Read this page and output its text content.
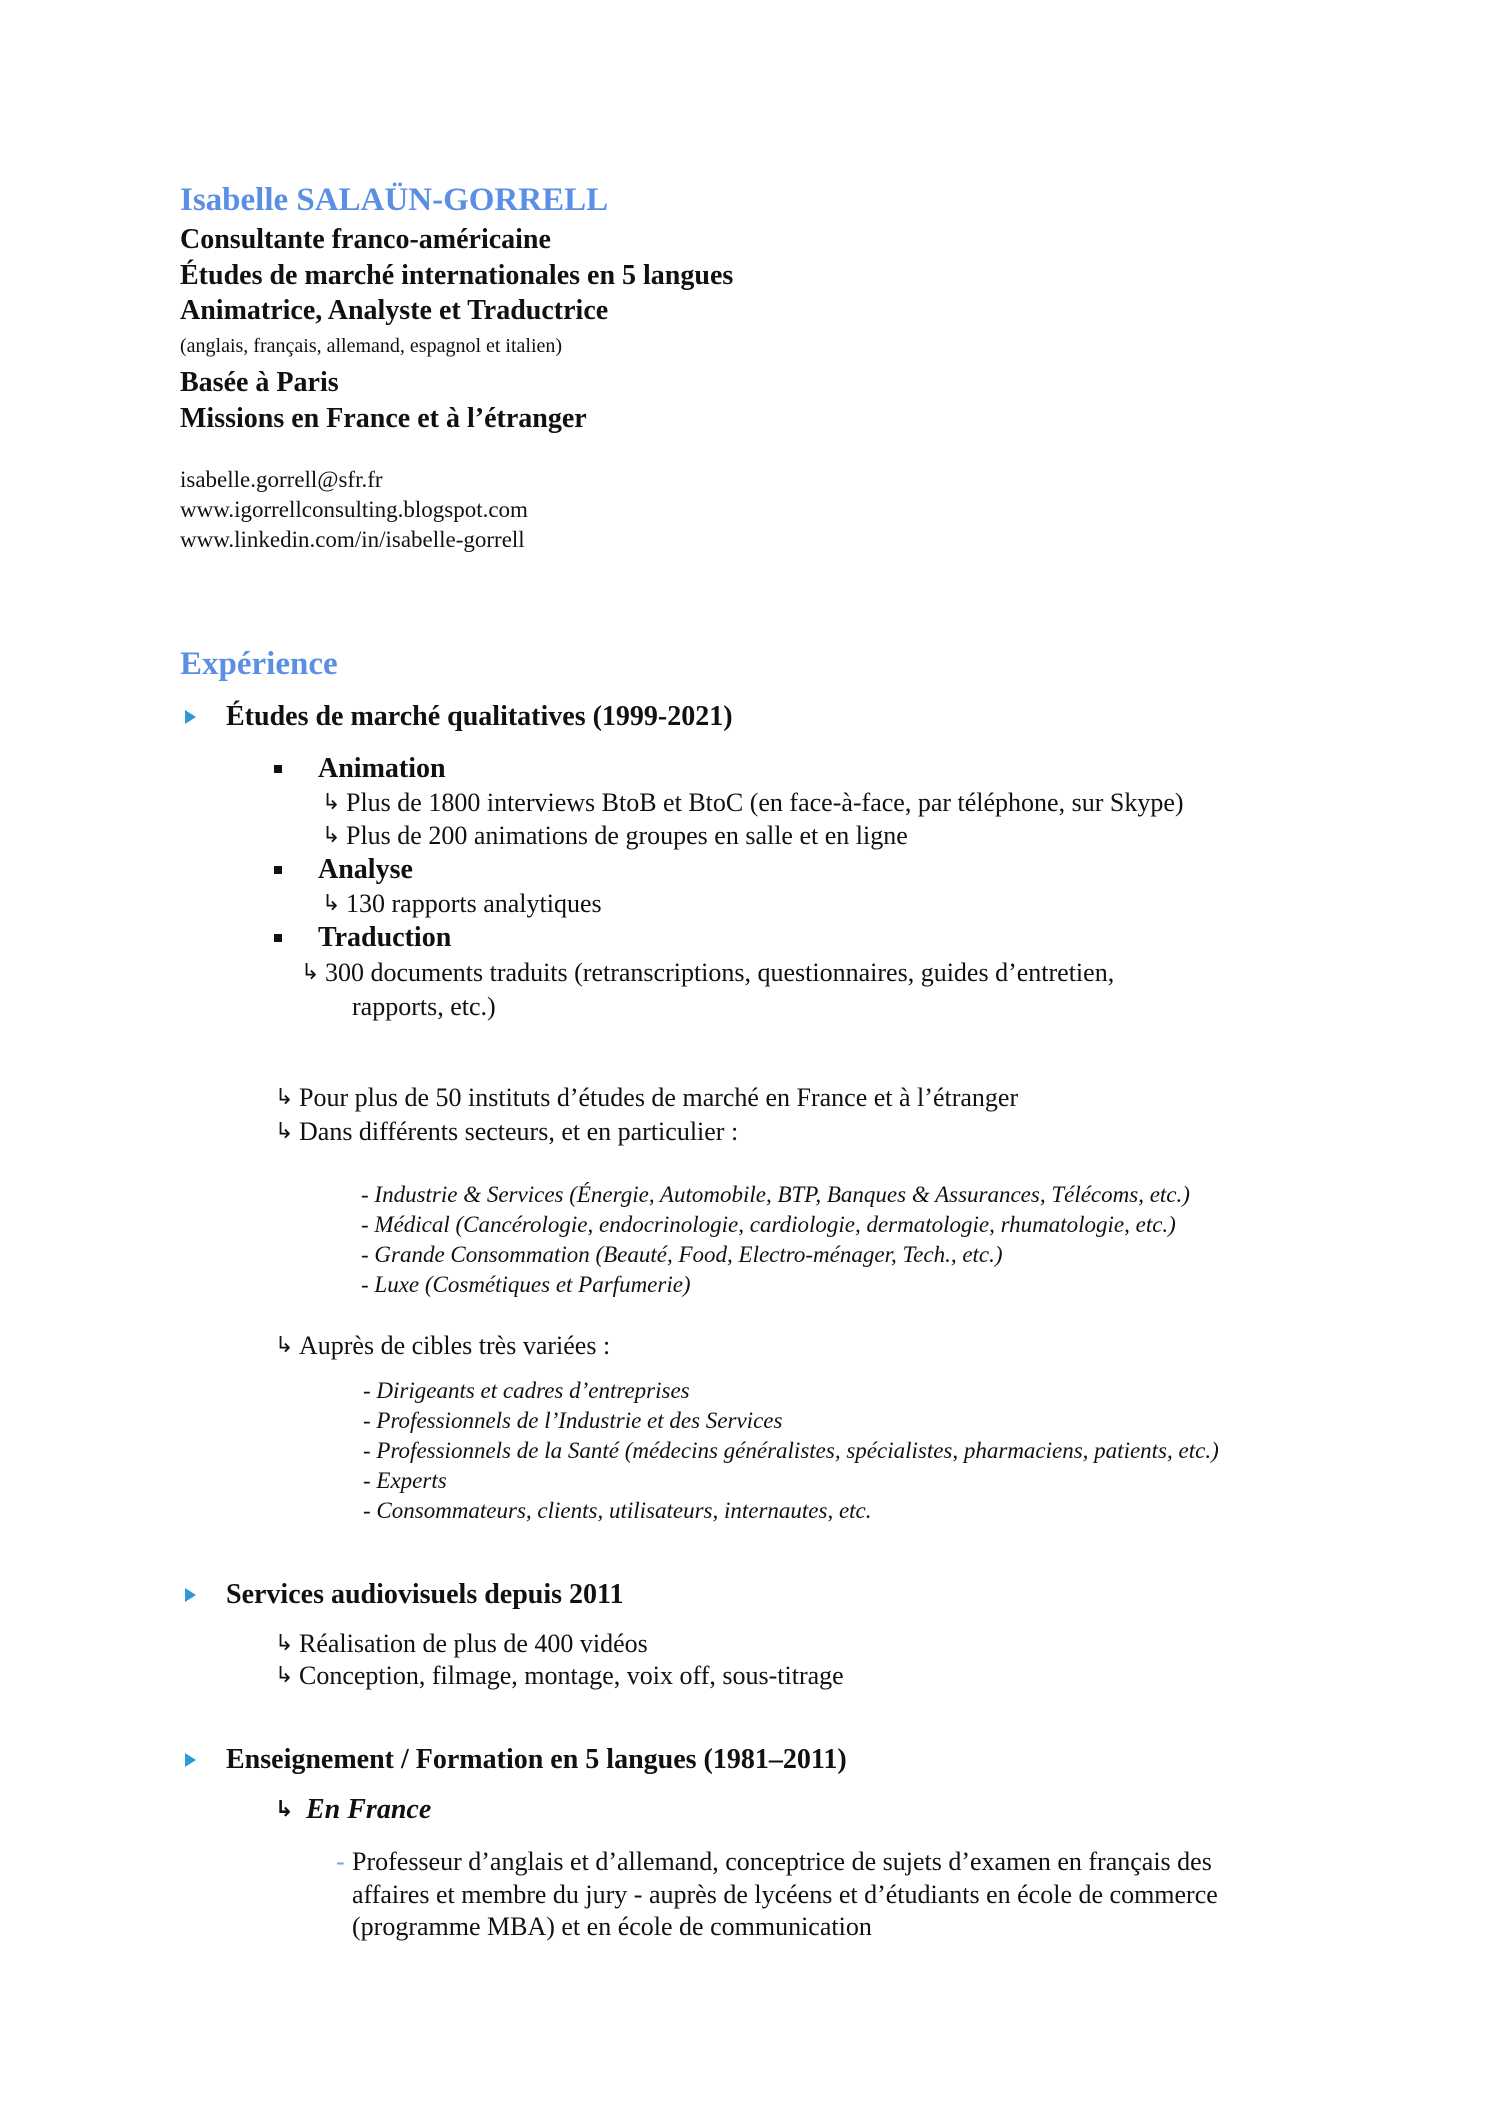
Isabelle SALAÜN-GORRELL
Consultante franco-américaine
Études de marché internationales en 5 langues
Animatrice, Analyste et Traductrice
(anglais, français, allemand, espagnol et italien)
Basée à Paris
Missions en France et à l’étranger
isabelle.gorrell@sfr.fr
www.igorrellconsulting.blogspot.com
www.linkedin.com/in/isabelle-gorrell
Expérience
Études de marché qualitatives (1999-2021)
Animation
↳ Plus de 1800 interviews BtoB et BtoC (en face-à-face, par téléphone, sur Skype)
↳ Plus de 200 animations de groupes en salle et en ligne
Analyse
↳ 130 rapports analytiques
Traduction
↳ 300 documents traduits (retranscriptions, questionnaires, guides d’entretien,
rapports, etc.)
↳ Pour plus de 50 instituts d’études de marché en France et à l’étranger
↳ Dans différents secteurs, et en particulier :
- Industrie & Services (Énergie, Automobile, BTP, Banques & Assurances, Télécoms, etc.)
- Médical (Cancérologie, endocrinologie, cardiologie, dermatologie, rhumatologie, etc.)
- Grande Consommation (Beauté, Food, Electro-ménager, Tech., etc.)
- Luxe (Cosmétiques et Parfumerie)
↳ Auprès de cibles très variées :
- Dirigeants et cadres d’entreprises
- Professionnels de l’Industrie et des Services
- Professionnels de la Santé (médecins généralistes, spécialistes, pharmaciens, patients, etc.)
- Experts
- Consommateurs, clients, utilisateurs, internautes, etc.
Services audiovisuels depuis 2011
↳ Réalisation de plus de 400 vidéos
↳ Conception, filmage, montage, voix off, sous-titrage
Enseignement / Formation en 5 langues (1981–2011)
↳ En France
- Professeur d’anglais et d’allemand, conceptrice de sujets d’examen en français des
affaires et membre du jury - auprès de lycéens et d’étudiants en école de commerce
(programme MBA) et en école de communication
